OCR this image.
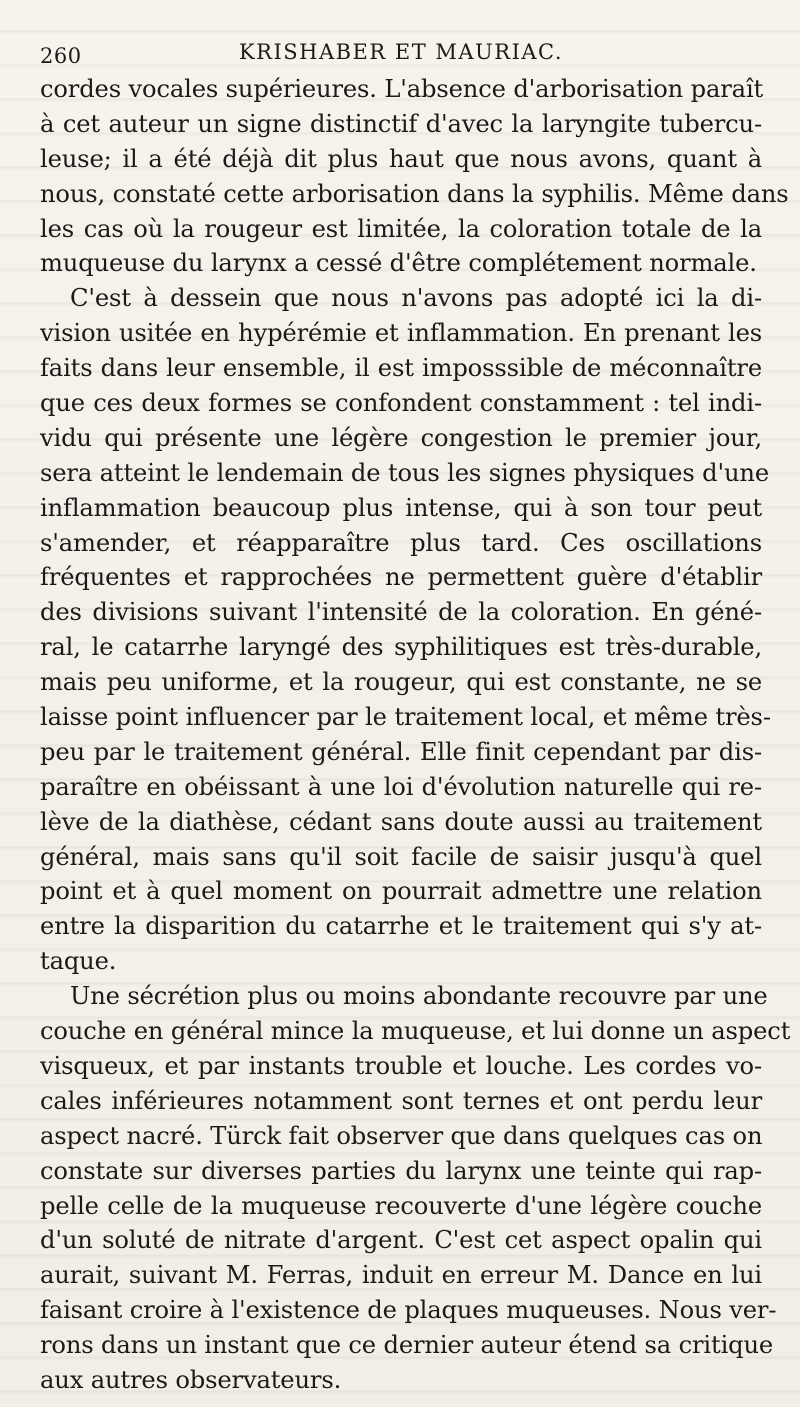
260	KRISHABER ET MAURIAC.
cordes vocales supérieures. L'absence d'arborisation paraît
à cet auteur un signe distinctif d'avec la laryngite tubercu-
leuse; il a été déjà dit plus haut que nous avons, quant à
nous, constaté cette arborisation dans la syphilis. Même dans
les cas où la rougeur est limitée, la coloration totale de la
muqueuse du larynx a cessé d'être complétement normale.
C'est à dessein que nous n'avons pas adopté ici la di-
vision usitée en hypérémie et inflammation. En prenant les
faits dans leur ensemble, il est imposssible de méconnaître
que ces deux formes se confondent constamment : tel indi-
vidu qui présente une légère congestion le premier jour,
sera atteint le lendemain de tous les signes physiques d'une
inflammation beaucoup plus intense, qui à son tour peut
s'amender, et réapparaître plus tard. Ces oscillations
fréquentes et rapprochées ne permettent guère d'établir
des divisions suivant l'intensité de la coloration. En géné-
ral, le catarrhe laryngé des syphilitiques est très-durable,
mais peu uniforme, et la rougeur, qui est constante, ne se
laisse point influencer par le traitement local, et même très-
peu par le traitement général. Elle finit cependant par dis-
paraître en obéissant à une loi d'évolution naturelle qui re-
lève de la diathèse, cédant sans doute aussi au traitement
général, mais sans qu'il soit facile de saisir jusqu'à quel
point et à quel moment on pourrait admettre une relation
entre la disparition du catarrhe et le traitement qui s'y at-
taque.
Une sécrétion plus ou moins abondante recouvre par une
couche en général mince la muqueuse, et lui donne un aspect
visqueux, et par instants trouble et louche. Les cordes vo-
cales inférieures notamment sont ternes et ont perdu leur
aspect nacré. Türck fait observer que dans quelques cas on
constate sur diverses parties du larynx une teinte qui rap-
pelle celle de la muqueuse recouverte d'une légère couche
d'un soluté de nitrate d'argent. C'est cet aspect opalin qui
aurait, suivant M. Ferras, induit en erreur M. Dance en lui
faisant croire à l'existence de plaques muqueuses. Nous ver-
rons dans un instant que ce dernier auteur étend sa critique
aux autres observateurs.
